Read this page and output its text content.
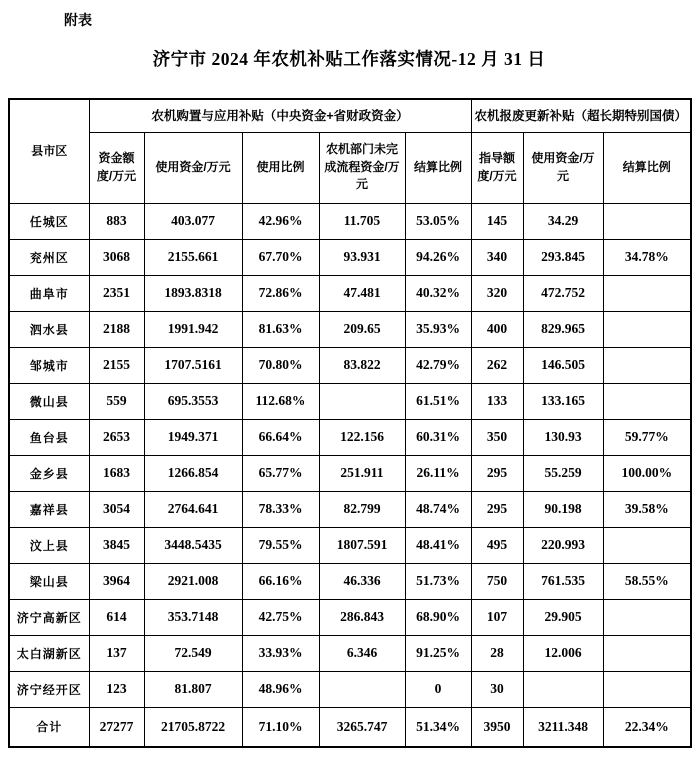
附表
济宁市 2024 年农机补贴工作落实情况-12 月 31 日
县市区	农机购置与应用补贴（中央资金+省财政资金）					农机报废更新补贴（超长期特别国债）		
	资金额度/万元	使用资金/万元	使用比例	农机部门未完成流程资金/万元	结算比例	指导额度/万元	使用资金/万元	结算比例
任城区	883	403.077	42.96%	11.705	53.05%	145	34.29	
兖州区	3068	2155.661	67.70%	93.931	94.26%	340	293.845	34.78%
曲阜市	2351	1893.8318	72.86%	47.481	40.32%	320	472.752	
泗水县	2188	1991.942	81.63%	209.65	35.93%	400	829.965	
邹城市	2155	1707.5161	70.80%	83.822	42.79%	262	146.505	
微山县	559	695.3553	112.68%		61.51%	133	133.165	
鱼台县	2653	1949.371	66.64%	122.156	60.31%	350	130.93	59.77%
金乡县	1683	1266.854	65.77%	251.911	26.11%	295	55.259	100.00%
嘉祥县	3054	2764.641	78.33%	82.799	48.74%	295	90.198	39.58%
汶上县	3845	3448.5435	79.55%	1807.591	48.41%	495	220.993	
梁山县	3964	2921.008	66.16%	46.336	51.73%	750	761.535	58.55%
济宁高新区	614	353.7148	42.75%	286.843	68.90%	107	29.905	
太白湖新区	137	72.549	33.93%	6.346	91.25%	28	12.006	
济宁经开区	123	81.807	48.96%		0	30		
合计	27277	21705.8722	71.10%	3265.747	51.34%	3950	3211.348	22.34%
